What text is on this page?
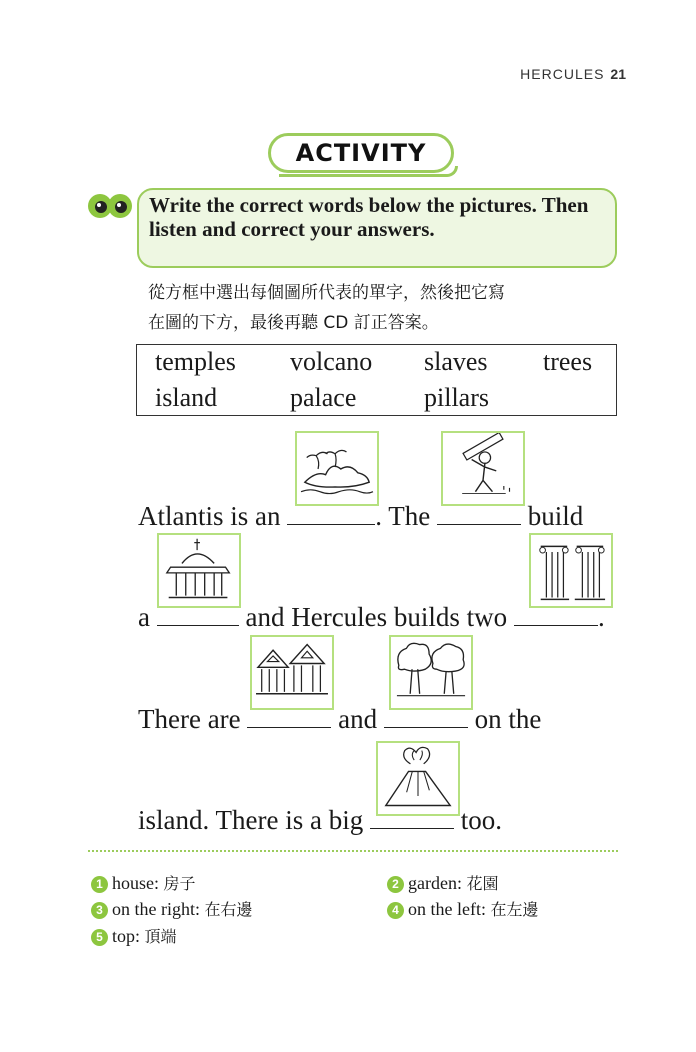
HERCULES 21
ACTIVITY

Write the correct words below the pictures. Then listen and correct your answers.

從方框中選出每個圖所代表的單字，然後把它寫
在圖的下方，最後再聽 CD 訂正答案。
temples volcano slaves trees
island	palace	pillars
Atlantis is an	. The	build
a	and Hercules builds two	.
There are	and	on the
island. There is a big	too.
1 house: 房子	2 garden: 花園
3 on the right: 在右邊	4 on the left: 在左邊
5 top: 頂端
